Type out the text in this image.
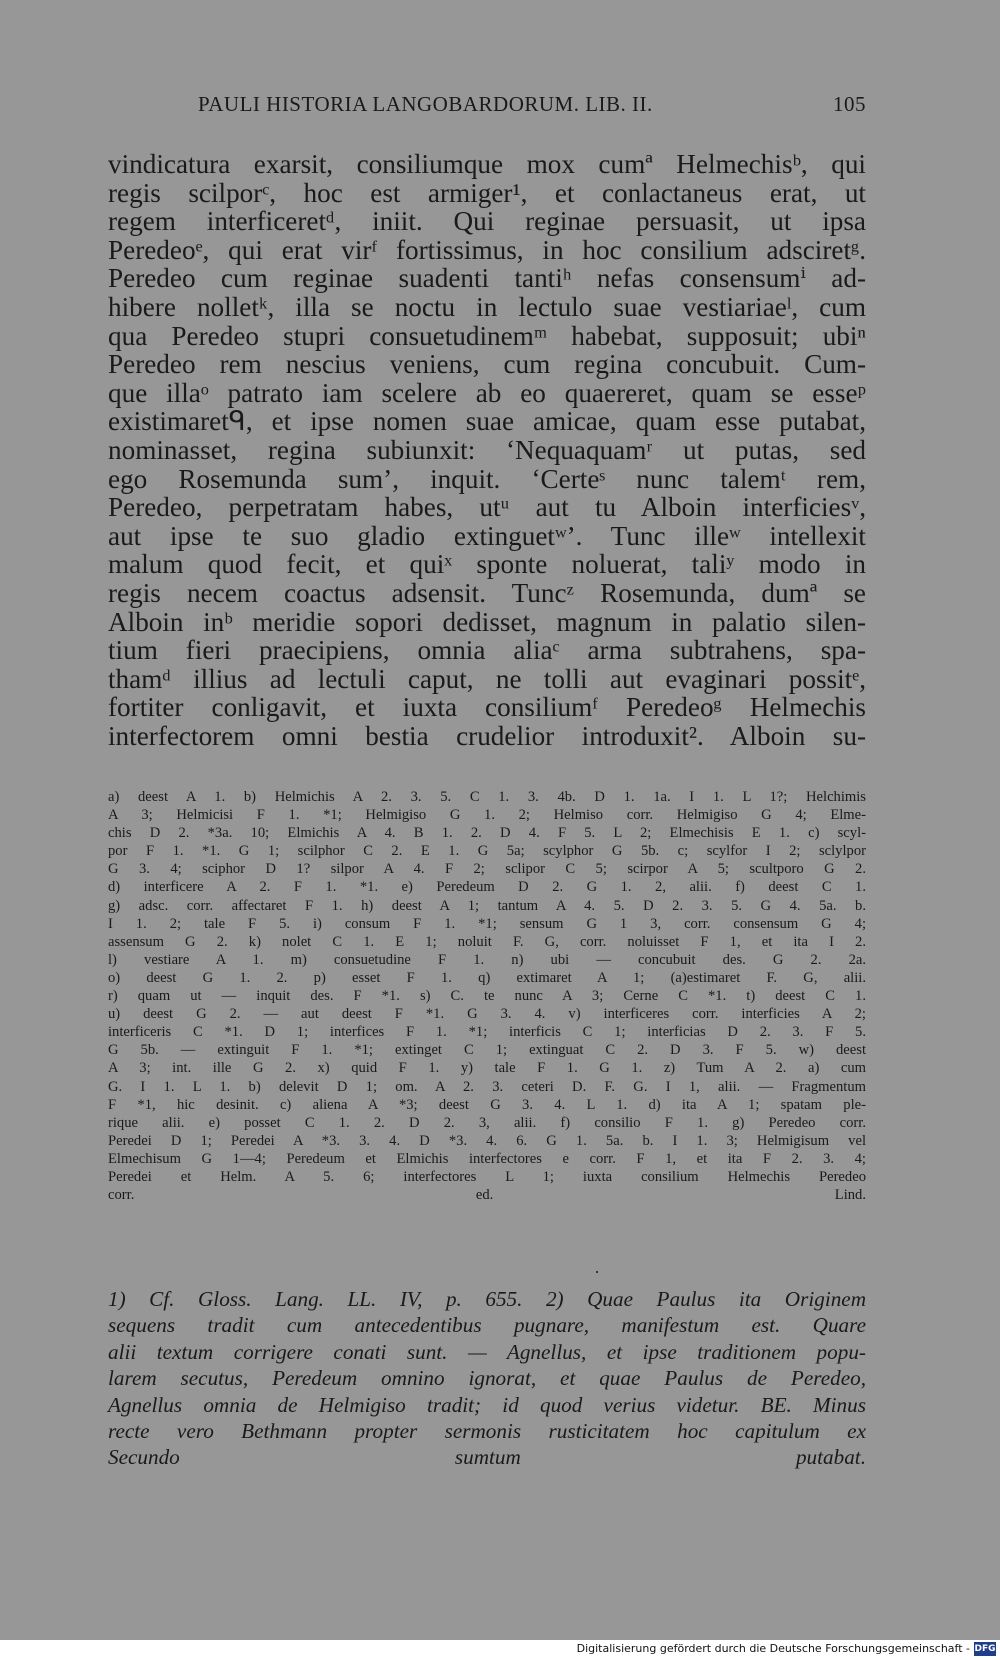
PAULI HISTORIA LANGOBARDORUM. LIB. II.	105
vindicatura exarsit, consiliumque mox cumª Helmechisᵇ, qui
regis scilporᶜ, hoc est armiger¹, et conlactaneus erat, ut
regem interficeretᵈ, iniit. Qui reginae persuasit, ut ipsa
Peredeoᵉ, qui erat virᶠ fortissimus, in hoc consilium adsciretᵍ.
Peredeo cum reginae suadenti tantiʰ nefas consensumⁱ ad-
hibere nolletᵏ, illa se noctu in lectulo suae vestiariaeˡ, cum
qua Peredeo stupri consuetudinemᵐ habebat, supposuit; ubiⁿ
Peredeo rem nescius veniens, cum regina concubuit. Cum-
que illaᵒ patrato iam scelere ab eo quaereret, quam se esseᵖ
existimaretᑫ, et ipse nomen suae amicae, quam esse putabat,
nominasset, regina subiunxit: ‘Nequaquamʳ ut putas, sed
ego Rosemunda sum’, inquit. ‘Certeˢ nunc talemᵗ rem,
Peredeo, perpetratam habes, utᵘ aut tu Alboin interficiesᵛ,
aut ipse te suo gladio extinguetʷ’. Tunc illeʷ intellexit
malum quod fecit, et quiˣ sponte noluerat, taliʸ modo in
regis necem coactus adsensit. Tuncᶻ Rosemunda, dumª se
Alboin inᵇ meridie sopori dedisset, magnum in palatio silen-
tium fieri praecipiens, omnia aliaᶜ arma subtrahens, spa-
thamᵈ illius ad lectuli caput, ne tolli aut evaginari possitᵉ,
fortiter conligavit, et iuxta consiliumᶠ Peredeoᵍ Helmechis
interfectorem omni bestia crudelior introduxit². Alboin su-
a) deest A 1. b) Helmichis A 2. 3. 5. C 1. 3. 4b. D 1. 1a. I 1. L 1?; Helchimis
A 3; Helmicisi F 1. *1; Helmigiso G 1. 2; Helmiso corr. Helmigiso G 4; Elme-
chis D 2. *3a. 10; Elmichis A 4. B 1. 2. D 4. F 5. L 2; Elmechisis E 1. c) scyl-
por F 1. *1. G 1; scilphor C 2. E 1. G 5a; scylphor G 5b. c; scylfor I 2; sclylpor
G 3. 4; sciphor D 1? silpor A 4. F 2; sclipor C 5; scirpor A 5; scultporo G 2.
d) interficere A 2. F 1. *1. e) Peredeum D 2. G 1. 2, alii. f) deest C 1.
g) adsc. corr. affectaret F 1. h) deest A 1; tantum A 4. 5. D 2. 3. 5. G 4. 5a. b.
I 1. 2; tale F 5. i) consum F 1. *1; sensum G 1 3, corr. consensum G 4;
assensum G 2. k) nolet C 1. E 1; noluit F. G, corr. noluisset F 1, et ita I 2.
l) vestiare A 1. m) consuetudine F 1. n) ubi — concubuit des. G 2. 2a.
o) deest G 1. 2. p) esset F 1. q) extimaret A 1; (a)estimaret F. G, alii.
r) quam ut — inquit des. F *1. s) C. te nunc A 3; Cerne C *1. t) deest C 1.
u) deest G 2. — aut deest F *1. G 3. 4. v) interficeres corr. interficies A 2;
interficeris C *1. D 1; interfices F 1. *1; interficis C 1; interficias D 2. 3. F 5.
G 5b. — extinguit F 1. *1; extinget C 1; extinguat C 2. D 3. F 5. w) deest
A 3; int. ille G 2. x) quid F 1. y) tale F 1. G 1. z) Tum A 2. a) cum
G. I 1. L 1. b) delevit D 1; om. A 2. 3. ceteri D. F. G. I 1, alii. — Fragmentum
F *1, hic desinit. c) aliena A *3; deest G 3. 4. L 1. d) ita A 1; spatam ple-
rique alii. e) posset C 1. 2. D 2. 3, alii. f) consilio F 1. g) Peredeo corr.
Peredei D 1; Peredei A *3. 3. 4. D *3. 4. 6. G 1. 5a. b. I 1. 3; Helmigisum vel
Elmechisum G 1—4; Peredeum et Elmichis interfectores e corr. F 1, et ita F 2. 3. 4;
Peredei et Helm. A 5. 6; interfectores L 1; iuxta consilium Helmechis Peredeo
corr. ed. Lind.
1) Cf. Gloss. Lang. LL. IV, p. 655. 2) Quae Paulus ita Originem
sequens tradit cum antecedentibus pugnare, manifestum est. Quare
alii textum corrigere conati sunt. — Agnellus, et ipse traditionem popu-
larem secutus, Peredeum omnino ignorat, et quae Paulus de Peredeo,
Agnellus omnia de Helmigiso tradit; id quod verius videtur. BE. Minus
recte vero Bethmann propter sermonis rusticitatem hoc capitulum ex
Secundo sumtum putabat.
Digitalisierung gefördert durch die Deutsche Forschungsgemeinschaft - DFG
